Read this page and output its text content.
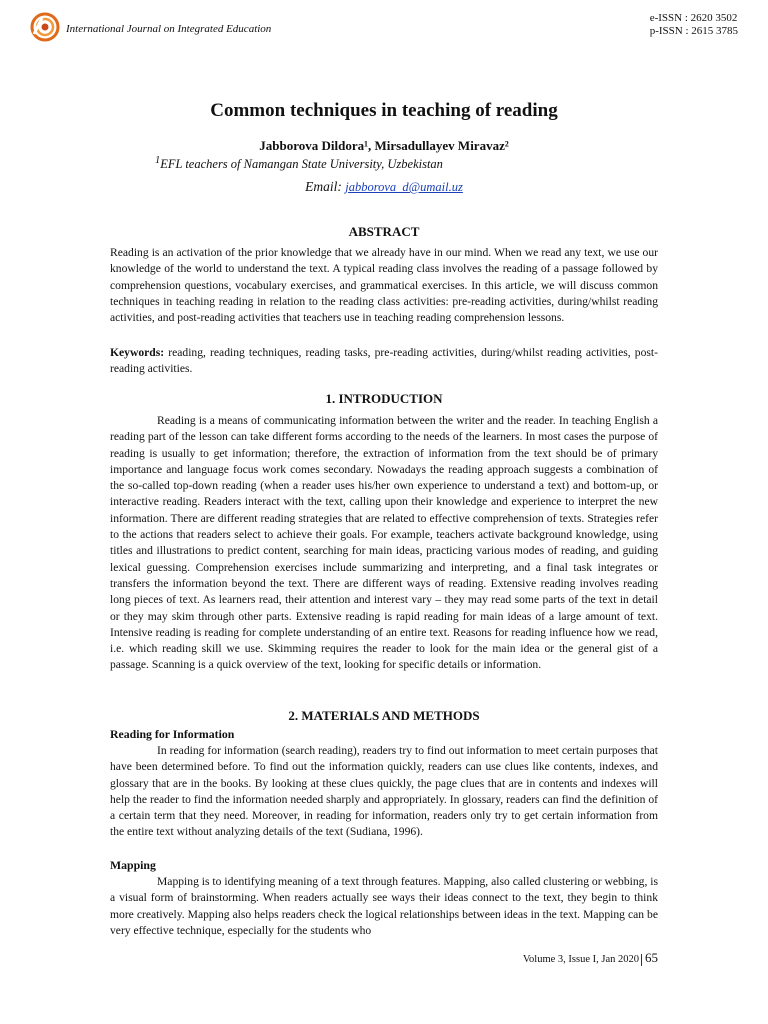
International Journal on Integrated Education
e-ISSN : 2620 3502
p-ISSN : 2615 3785
Common techniques in teaching of reading
Jabborova Dildora¹, Mirsadullayev Miravaz²
$^1$EFL teachers of Namangan State University, Uzbekistan
Email: jabborova_d@umail.uz
ABSTRACT

Reading is an activation of the prior knowledge that we already have in our mind. When we read any text, we use our knowledge of the world to understand the text. A typical reading class involves the reading of a passage followed by comprehension questions, vocabulary exercises, and grammatical exercises. In this article, we will discuss common techniques in teaching reading in relation to the reading class activities: pre-reading activities, during/whilst reading activities, and post-reading activities that teachers use in teaching reading comprehension lessons.

Keywords: reading, reading techniques, reading tasks, pre-reading activities, during/whilst reading activities, post-reading activities.

1. INTRODUCTION

Reading is a means of communicating information between the writer and the reader. In teaching English a reading part of the lesson can take different forms according to the needs of the learners. In most cases the purpose of reading is usually to get information; therefore, the extraction of information from the text should be of primary importance and language focus work comes secondary. Nowadays the reading approach suggests a combination of the so-called top-down reading (when a reader uses his/her own experience to understand a text) and bottom-up, or interactive reading. Readers interact with the text, calling upon their knowledge and experience to interpret the new information. There are different reading strategies that are related to effective comprehension of texts. Strategies refer to the actions that readers select to achieve their goals. For example, teachers activate background knowledge, using titles and illustrations to predict content, searching for main ideas, practicing various modes of reading, and guiding lexical guessing. Comprehension exercises include summarizing and interpreting, and a final task integrates or transfers the information beyond the text. There are different ways of reading. Extensive reading involves reading long pieces of text. As learners read, their attention and interest vary – they may read some parts of the text in detail or they may skim through other parts. Extensive reading is rapid reading for main ideas of a large amount of text. Intensive reading is reading for complete understanding of an entire text. Reasons for reading influence how we read, i.e. which reading skill we use. Skimming requires the reader to look for the main idea or the general gist of a passage. Scanning is a quick overview of the text, looking for specific details or information.

2. MATERIALS AND METHODS
Reading for Information

In reading for information (search reading), readers try to find out information to meet certain purposes that have been determined before. To find out the information quickly, readers can use clues like contents, indexes, and glossary that are in the books. By looking at these clues quickly, the page clues that are in contents and indexes will help the reader to find the information needed sharply and appropriately. In glossary, readers can find the definition of a certain term that they need. Moreover, in reading for information, readers only try to get certain information from the entire text without analyzing details of the text (Sudiana, 1996).

Mapping

Mapping is to identifying meaning of a text through features. Mapping, also called clustering or webbing, is a visual form of brainstorming. When readers actually see ways their ideas connect to the text, they begin to think more creatively. Mapping also helps readers check the logical relationships between ideas in the text. Mapping can be very effective technique, especially for the students who

Volume 3, Issue I, Jan 2020 65
